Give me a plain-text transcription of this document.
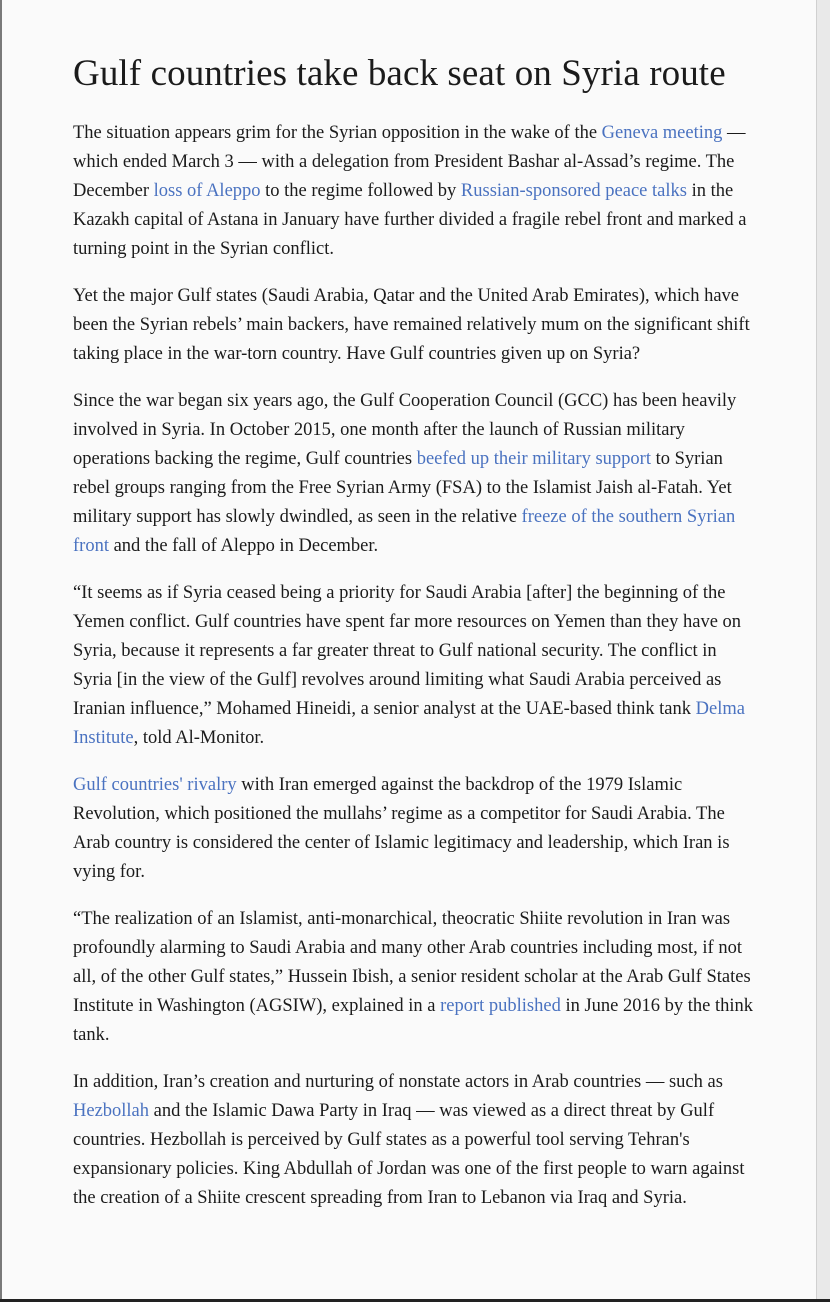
Gulf countries take back seat on Syria route

The situation appears grim for the Syrian opposition in the wake of the Geneva meeting — which ended March 3 — with a delegation from President Bashar al-Assad’s regime. The December loss of Aleppo to the regime followed by Russian-sponsored peace talks in the Kazakh capital of Astana in January have further divided a fragile rebel front and marked a turning point in the Syrian conflict.

Yet the major Gulf states (Saudi Arabia, Qatar and the United Arab Emirates), which have been the Syrian rebels’ main backers, have remained relatively mum on the significant shift taking place in the war-torn country. Have Gulf countries given up on Syria?

Since the war began six years ago, the Gulf Cooperation Council (GCC) has been heavily involved in Syria. In October 2015, one month after the launch of Russian military operations backing the regime, Gulf countries beefed up their military support to Syrian rebel groups ranging from the Free Syrian Army (FSA) to the Islamist Jaish al-Fatah. Yet military support has slowly dwindled, as seen in the relative freeze of the southern Syrian front and the fall of Aleppo in December.

“It seems as if Syria ceased being a priority for Saudi Arabia [after] the beginning of the Yemen conflict. Gulf countries have spent far more resources on Yemen than they have on Syria, because it represents a far greater threat to Gulf national security. The conflict in Syria [in the view of the Gulf] revolves around limiting what Saudi Arabia perceived as Iranian influence,” Mohamed Hineidi, a senior analyst at the UAE-based think tank Delma Institute, told Al-Monitor.

Gulf countries' rivalry with Iran emerged against the backdrop of the 1979 Islamic Revolution, which positioned the mullahs’ regime as a competitor for Saudi Arabia. The Arab country is considered the center of Islamic legitimacy and leadership, which Iran is vying for.

“The realization of an Islamist, anti-monarchical, theocratic Shiite revolution in Iran was profoundly alarming to Saudi Arabia and many other Arab countries including most, if not all, of the other Gulf states,” Hussein Ibish, a senior resident scholar at the Arab Gulf States Institute in Washington (AGSIW), explained in a report published in June 2016 by the think tank.

In addition, Iran’s creation and nurturing of nonstate actors in Arab countries — such as Hezbollah and the Islamic Dawa Party in Iraq — was viewed as a direct threat by Gulf countries. Hezbollah is perceived by Gulf states as a powerful tool serving Tehran's expansionary policies. King Abdullah of Jordan was one of the first people to warn against the creation of a Shiite crescent spreading from Iran to Lebanon via Iraq and Syria.
